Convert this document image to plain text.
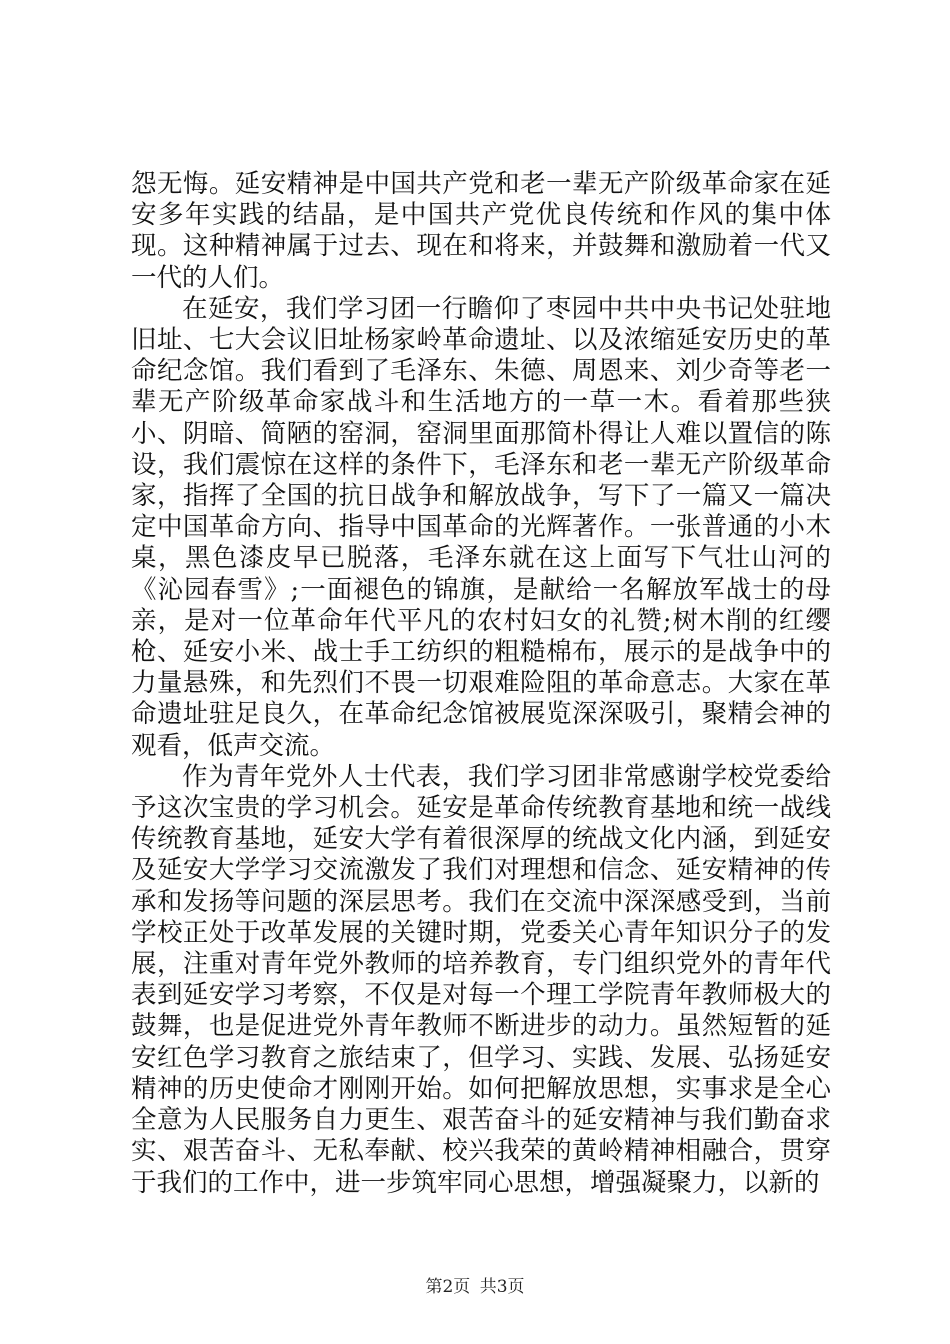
怨无悔。延安精神是中国共产党和老一辈无产阶级革命家在延安多年实践的结晶，是中国共产党优良传统和作风的集中体现。这种精神属于过去、现在和将来，并鼓舞和激励着一代又一代的人们。

在延安，我们学习团一行瞻仰了枣园中共中央书记处驻地旧址、七大会议旧址杨家岭革命遗址、以及浓缩延安历史的革命纪念馆。我们看到了毛泽东、朱德、周恩来、刘少奇等老一辈无产阶级革命家战斗和生活地方的一草一木。看着那些狭小、阴暗、简陋的窑洞，窑洞里面那简朴得让人难以置信的陈设，我们震惊在这样的条件下，毛泽东和老一辈无产阶级革命家，指挥了全国的抗日战争和解放战争，写下了一篇又一篇决定中国革命方向、指导中国革命的光辉著作。一张普通的小木桌，黑色漆皮早已脱落，毛泽东就在这上面写下气壮山河的《沁园春雪》;一面褪色的锦旗，是献给一名解放军战士的母亲，是对一位革命年代平凡的农村妇女的礼赞;树木削的红缨枪、延安小米、战士手工纺织的粗糙棉布，展示的是战争中的力量悬殊，和先烈们不畏一切艰难险阻的革命意志。大家在革命遗址驻足良久，在革命纪念馆被展览深深吸引，聚精会神的观看，低声交流。

作为青年党外人士代表，我们学习团非常感谢学校党委给予这次宝贵的学习机会。延安是革命传统教育基地和统一战线传统教育基地，延安大学有着很深厚的统战文化内涵，到延安及延安大学学习交流激发了我们对理想和信念、延安精神的传承和发扬等问题的深层思考。我们在交流中深深感受到，当前学校正处于改革发展的关键时期，党委关心青年知识分子的发展，注重对青年党外教师的培养教育，专门组织党外的青年代表到延安学习考察，不仅是对每一个理工学院青年教师极大的鼓舞，也是促进党外青年教师不断进步的动力。虽然短暂的延安红色学习教育之旅结束了，但学习、实践、发展、弘扬延安精神的历史使命才刚刚开始。如何把解放思想，实事求是全心全意为人民服务自力更生、艰苦奋斗的延安精神与我们勤奋求实、艰苦奋斗、无私奉献、校兴我荣的黄岭精神相融合，贯穿于我们的工作中，进一步筑牢同心思想，增强凝聚力，以新的

第2页 共3页
